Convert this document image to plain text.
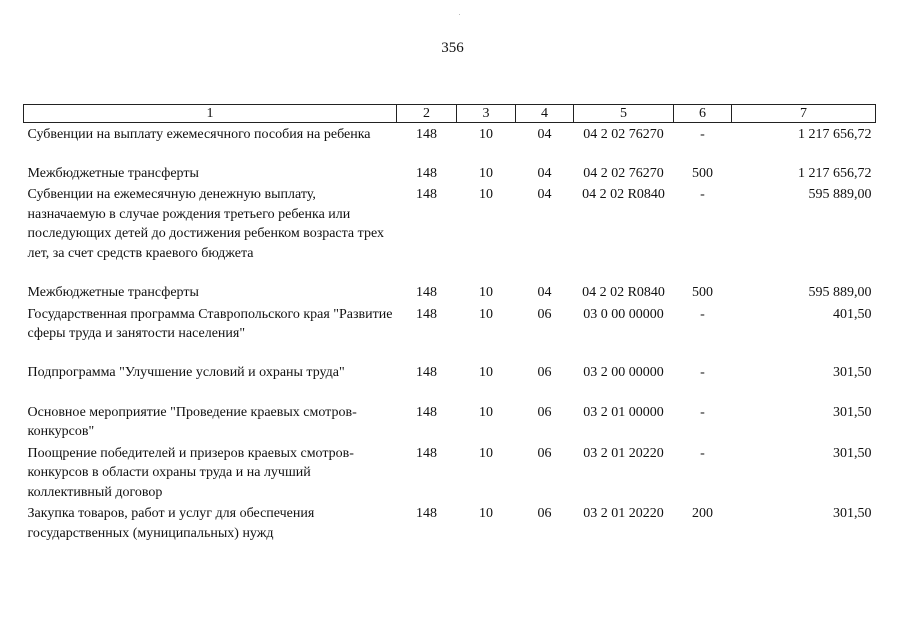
356
1	2	3	4	5	6	7
Субвенции на выплату ежемесячного пособия на ребенка	148	10	04	04 2 02 76270	-	1 217 656,72
Межбюджетные трансферты	148	10	04	04 2 02 76270	500	1 217 656,72
Субвенции на ежемесячную денежную выплату, назначаемую в случае рождения третьего ребенка или последующих детей до достижения ребенком возраста трех лет, за счет средств краевого бюджета	148	10	04	04 2 02 R0840	-	595 889,00
Межбюджетные трансферты	148	10	04	04 2 02 R0840	500	595 889,00
Государственная программа Ставропольского края "Развитие сферы труда и занятости населения"	148	10	06	03 0 00 00000	-	401,50
Подпрограмма "Улучшение условий и охраны труда"	148	10	06	03 2 00 00000	-	301,50
Основное мероприятие "Проведение краевых смотров-конкурсов"	148	10	06	03 2 01 00000	-	301,50
Поощрение победителей и призеров краевых смотров-конкурсов в области охраны труда и на лучший коллективный договор	148	10	06	03 2 01 20220	-	301,50
Закупка товаров, работ и услуг для обеспечения государственных (муниципальных) нужд	148	10	06	03 2 01 20220	200	301,50
